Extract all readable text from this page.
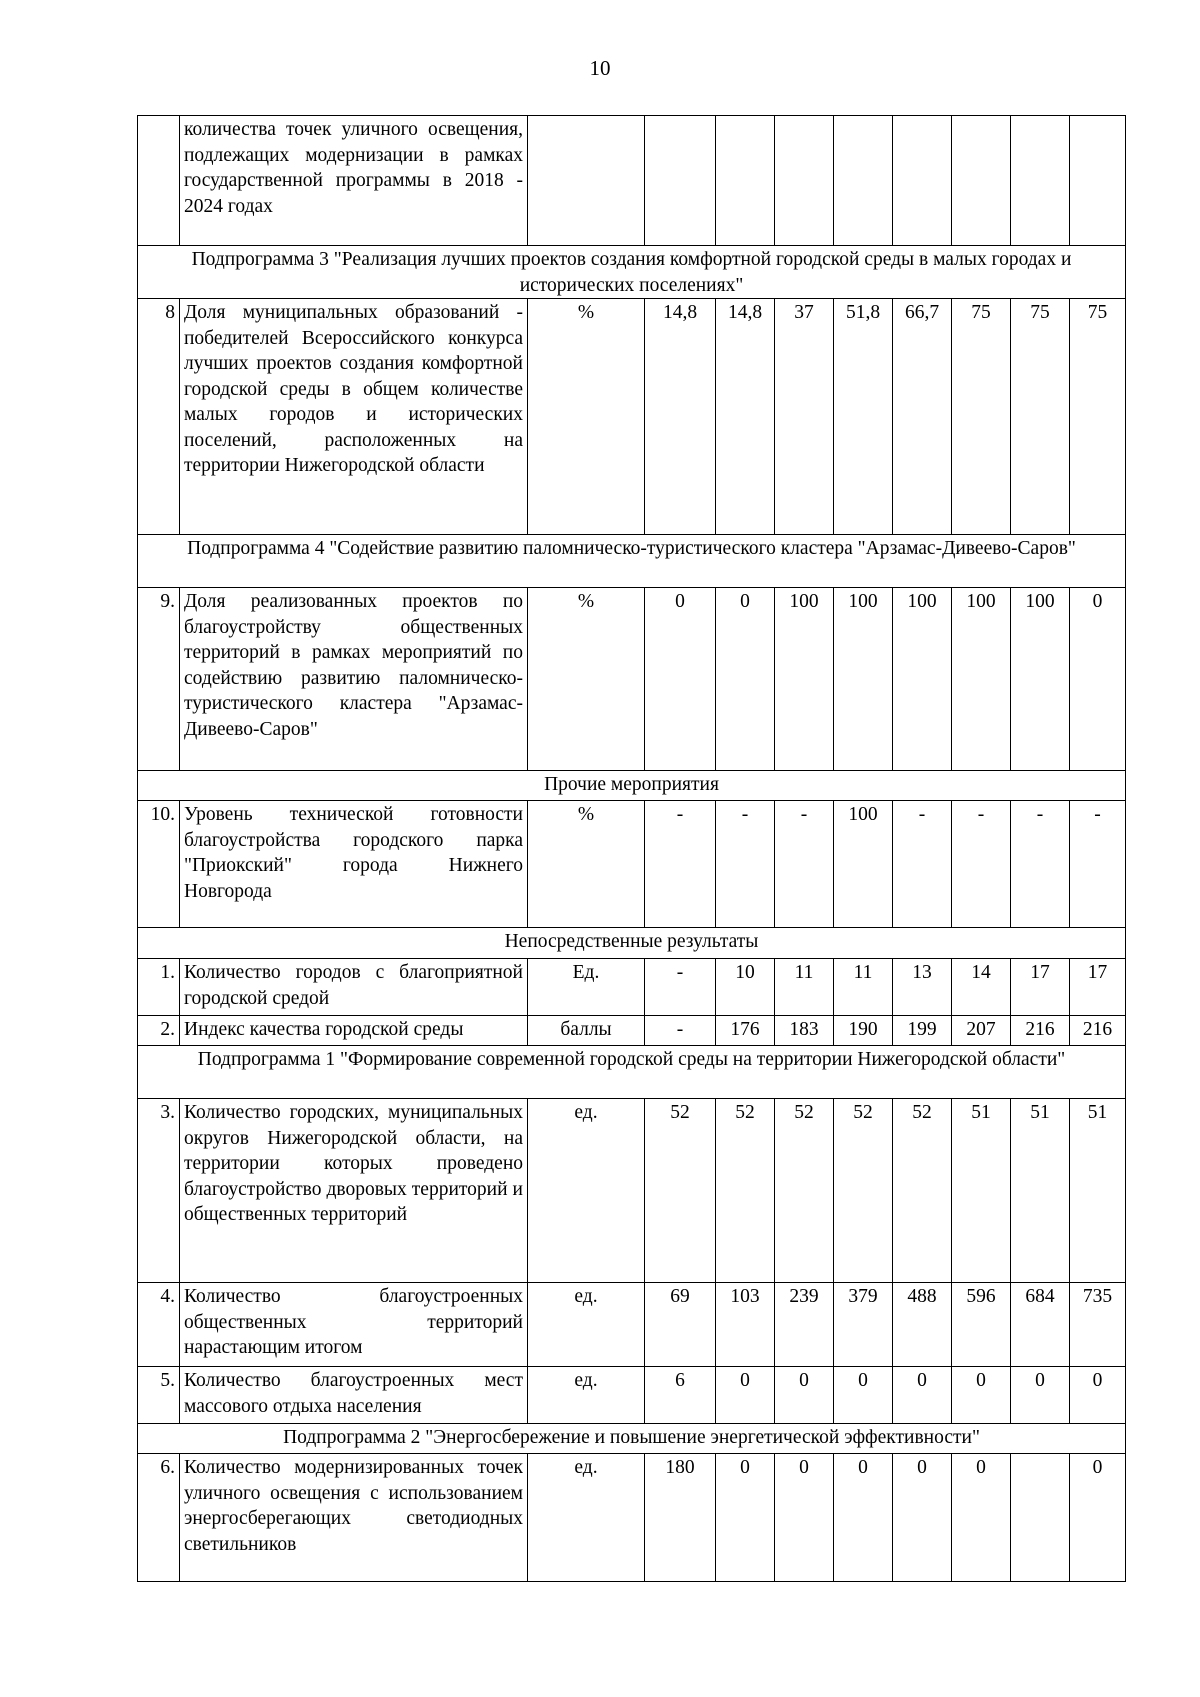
10
	количества точек уличного освещения, подлежащих модернизации в рамках государственной программы в 2018 - 2024 годах									
Подпрограмма 3 "Реализация лучших проектов создания комфортной городской среды в малых городах и исторических поселениях"										
8	Доля муниципальных образований - победителей Всероссийского конкурса лучших проектов создания комфортной городской среды в общем количестве малых городов и исторических поселений, расположенных на территории Нижегородской области	%	14,8	14,8	37	51,8	66,7	75	75	75
Подпрограмма 4 "Содействие развитию паломническо-туристического кластера "Арзамас-Дивеево-Саров"										
9.	Доля реализованных проектов по благоустройству общественных территорий в рамках мероприятий по содействию развитию паломническо-туристического кластера "Арзамас-Дивеево-Саров"	%	0	0	100	100	100	100	100	0
Прочие мероприятия										
10.	Уровень технической готовности благоустройства городского парка "Приокский" города Нижнего Новгорода	%	-	-	-	100	-	-	-	-
Непосредственные результаты										
1.	Количество городов с благоприятной городской средой	Ед.	-	10	11	11	13	14	17	17
2.	Индекс качества городской среды	баллы	-	176	183	190	199	207	216	216
Подпрограмма 1 "Формирование современной городской среды на территории Нижегородской области"										
3.	Количество городских, муниципальных округов Нижегородской области, на территории которых проведено благоустройство дворовых территорий и общественных территорий	ед.	52	52	52	52	52	51	51	51
4.	Количество благоустроенных общественных территорий нарастающим итогом	ед.	69	103	239	379	488	596	684	735
5.	Количество благоустроенных мест массового отдыха населения	ед.	6	0	0	0	0	0	0	0
Подпрограмма 2 "Энергосбережение и повышение энергетической эффективности"										
6.	Количество модернизированных точек уличного освещения с использованием энергосберегающих светодиодных светильников	ед.	180	0	0	0	0	0		0
